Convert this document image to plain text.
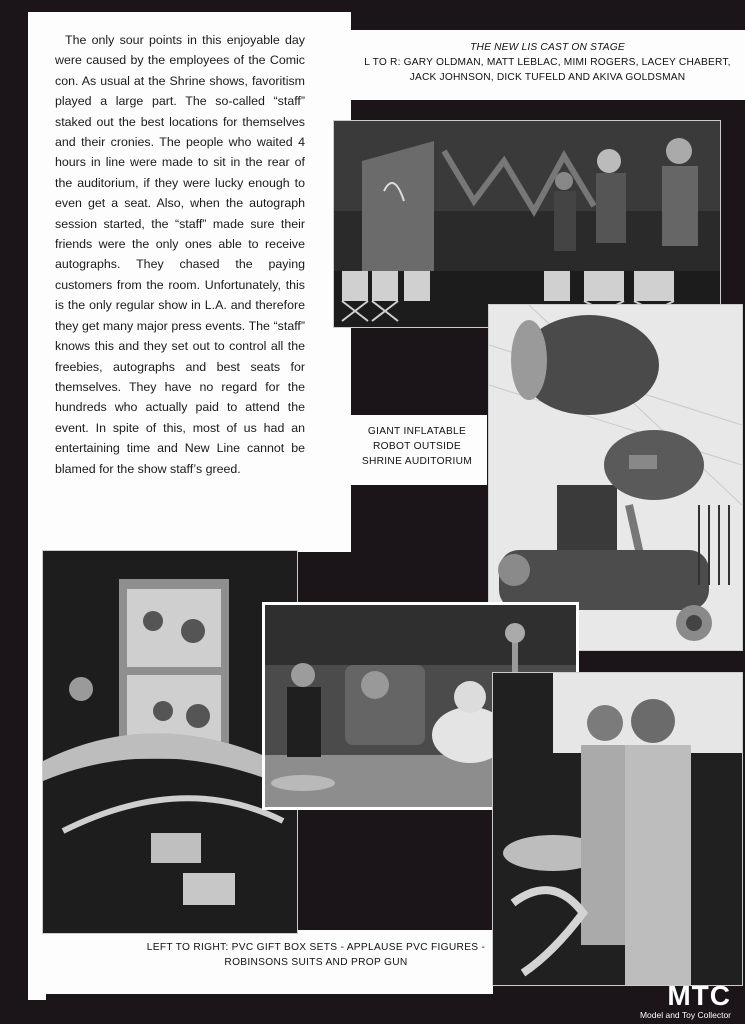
The only sour points in this enjoyable day were caused by the employees of the Comic con. As usual at the Shrine shows, favoritism played a large part. The so-called “staff” staked out the best locations for themselves and their cronies. The people who waited 4 hours in line were made to sit in the rear of the auditorium, if they were lucky enough to even get a seat. Also, when the autograph session started, the “staff” made sure their friends were the only ones able to receive autographs. They chased the paying customers from the room. Unfortunately, this is the only regular show in L.A. and therefore they get many major press events. The “staff” knows this and they set out to control all the freebies, autographs and best seats for themselves. They have no regard for the hundreds who actually paid to attend the event. In spite of this, most of us had an entertaining time and New Line cannot be blamed for the show staff’s greed.

THE NEW LIS CAST ON STAGE
L TO R: GARY OLDMAN, MATT LEBLAC, MIMI ROGERS, LACEY CHABERT,
JACK JOHNSON, DICK TUFELD AND AKIVA GOLDSMAN
GIANT INFLATABLE
ROBOT OUTSIDE
SHRINE AUDITORIUM
LEFT TO RIGHT: PVC GIFT BOX SETS - APPLAUSE PVC FIGURES -
ROBINSONS SUITS AND PROP GUN
MTC
Model and Toy Collector
